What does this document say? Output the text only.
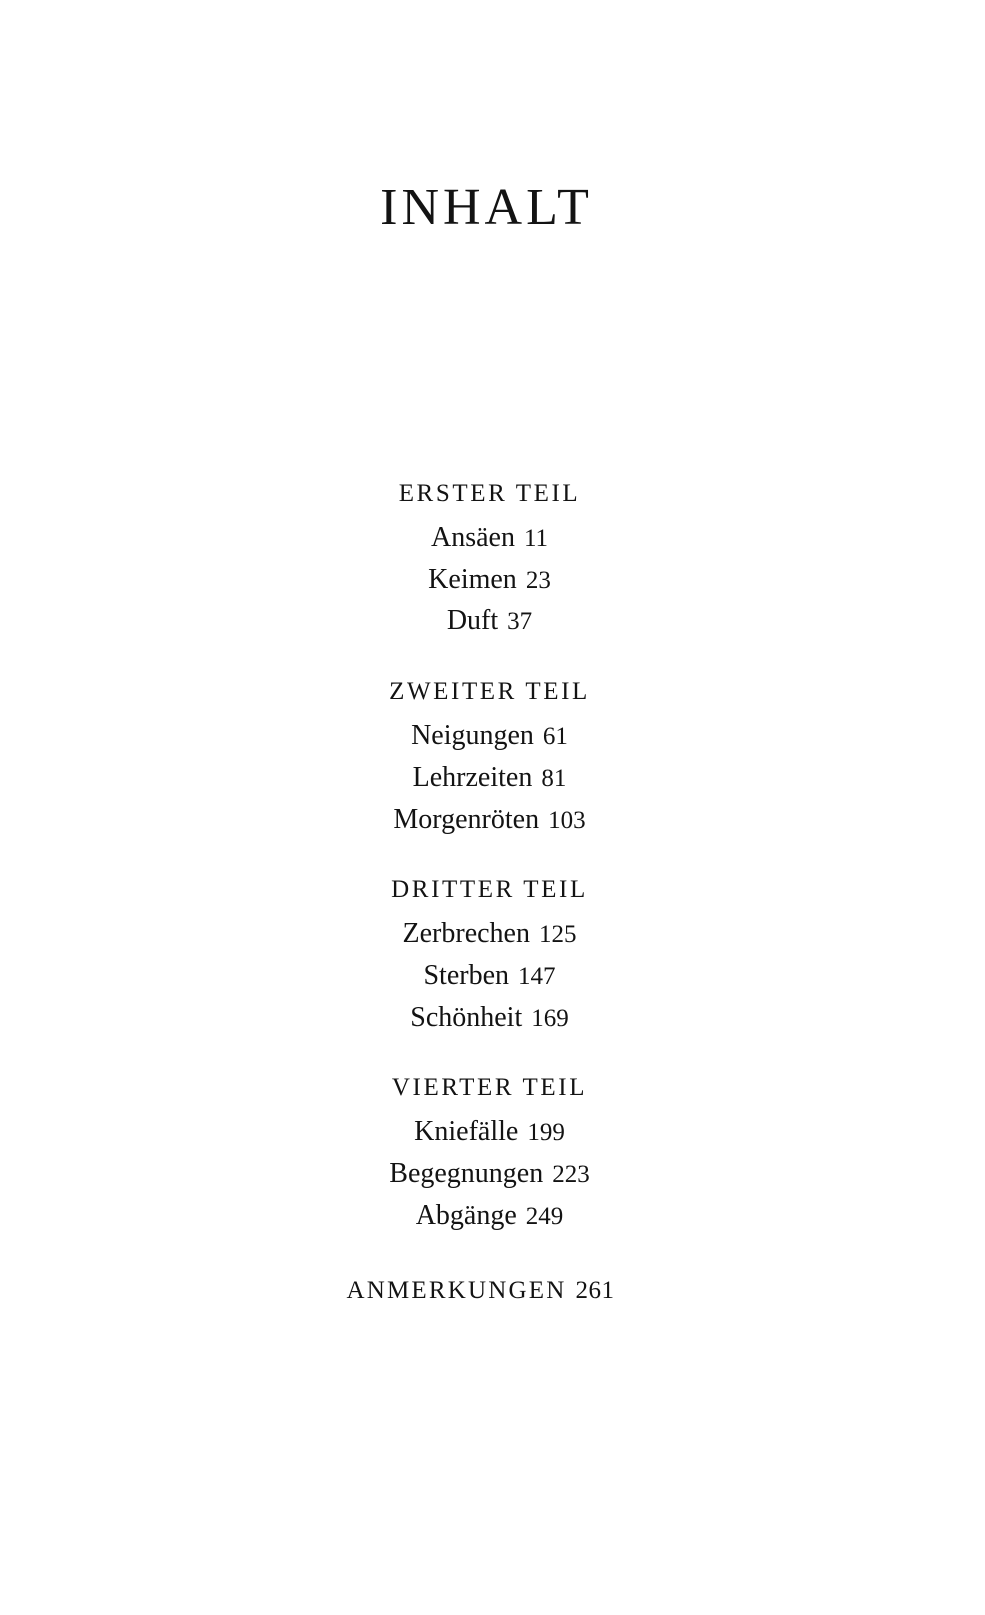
INHALT
ERSTER TEIL
Ansäen 11
Keimen 23
Duft 37
ZWEITER TEIL
Neigungen 61
Lehrzeiten 81
Morgenröten 103
DRITTER TEIL
Zerbrechen 125
Sterben 147
Schönheit 169
VIERTER TEIL
Kniefälle 199
Begegnungen 223
Abgänge 249
ANMERKUNGEN 261
